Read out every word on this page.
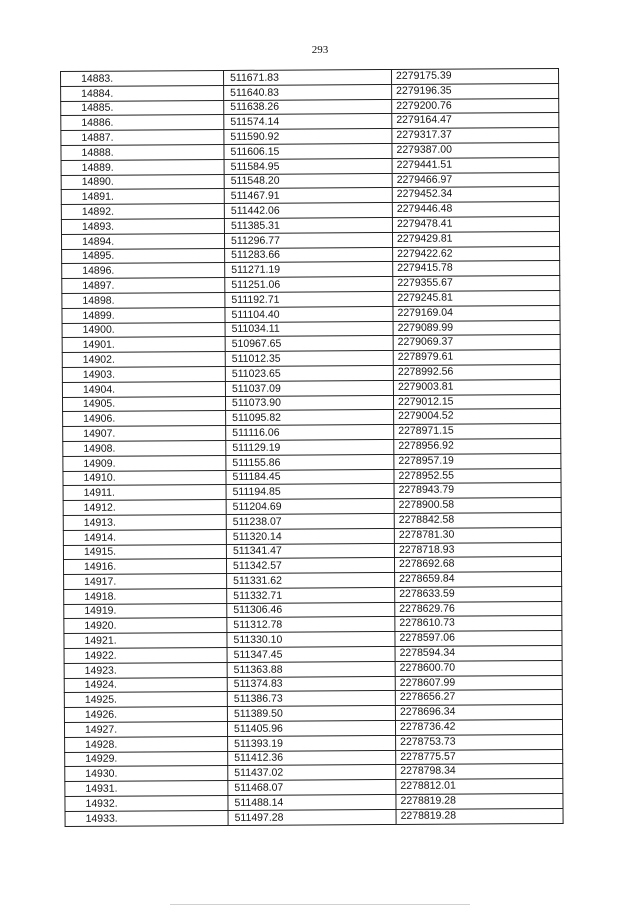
293
14883.	511671.83	2279175.39
14884.	511640.83	2279196.35
14885.	511638.26	2279200.76
14886.	511574.14	2279164.47
14887.	511590.92	2279317.37
14888.	511606.15	2279387.00
14889.	511584.95	2279441.51
14890.	511548.20	2279466.97
14891.	511467.91	2279452.34
14892.	511442.06	2279446.48
14893.	511385.31	2279478.41
14894.	511296.77	2279429.81
14895.	511283.66	2279422.62
14896.	511271.19	2279415.78
14897.	511251.06	2279355.67
14898.	511192.71	2279245.81
14899.	511104.40	2279169.04
14900.	511034.11	2279089.99
14901.	510967.65	2279069.37
14902.	511012.35	2278979.61
14903.	511023.65	2278992.56
14904.	511037.09	2279003.81
14905.	511073.90	2279012.15
14906.	511095.82	2279004.52
14907.	511116.06	2278971.15
14908.	511129.19	2278956.92
14909.	511155.86	2278957.19
14910.	511184.45	2278952.55
14911.	511194.85	2278943.79
14912.	511204.69	2278900.58
14913.	511238.07	2278842.58
14914.	511320.14	2278781.30
14915.	511341.47	2278718.93
14916.	511342.57	2278692.68
14917.	511331.62	2278659.84
14918.	511332.71	2278633.59
14919.	511306.46	2278629.76
14920.	511312.78	2278610.73
14921.	511330.10	2278597.06
14922.	511347.45	2278594.34
14923.	511363.88	2278600.70
14924.	511374.83	2278607.99
14925.	511386.73	2278656.27
14926.	511389.50	2278696.34
14927.	511405.96	2278736.42
14928.	511393.19	2278753.73
14929.	511412.36	2278775.57
14930.	511437.02	2278798.34
14931.	511468.07	2278812.01
14932.	511488.14	2278819.28
14933.	511497.28	2278819.28
